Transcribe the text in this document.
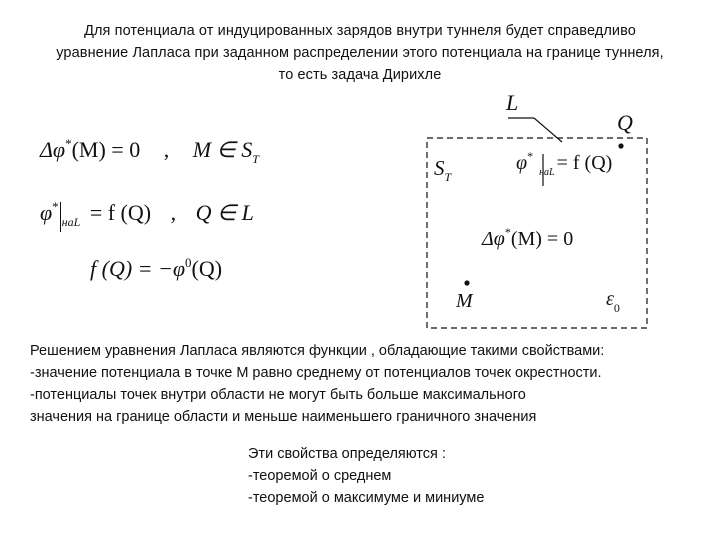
Для потенциала от индуцированных зарядов внутри туннеля будет справедливо
уравнение Лапласа при заданном распределении этого потенциала на границе туннеля,
то есть задача Дирихле
Δφ*(M) = 0 , M ∈ $S_T$
$\varphi^*_{наL} = f$ (Q) , Q ∈ L
f $(Q) = -\varphi^0(Q)$
L
Q
$S_T$
$\varphi^*_{наL} = f$ (Q)
Δφ*(M) = 0
M	$\varepsilon_0$
Решением уравнения Лапласа являются функции , обладающие такими свойствами:
-значение потенциала в точке М равно среднему от потенциалов точек окрестности.
-потенциалы точек внутри области не могут быть больше максимального
значения на границе области и меньше наименьшего граничного значения
Эти свойства определяются :
-теоремой о среднем
-теоремой о максимуме и миниуме
